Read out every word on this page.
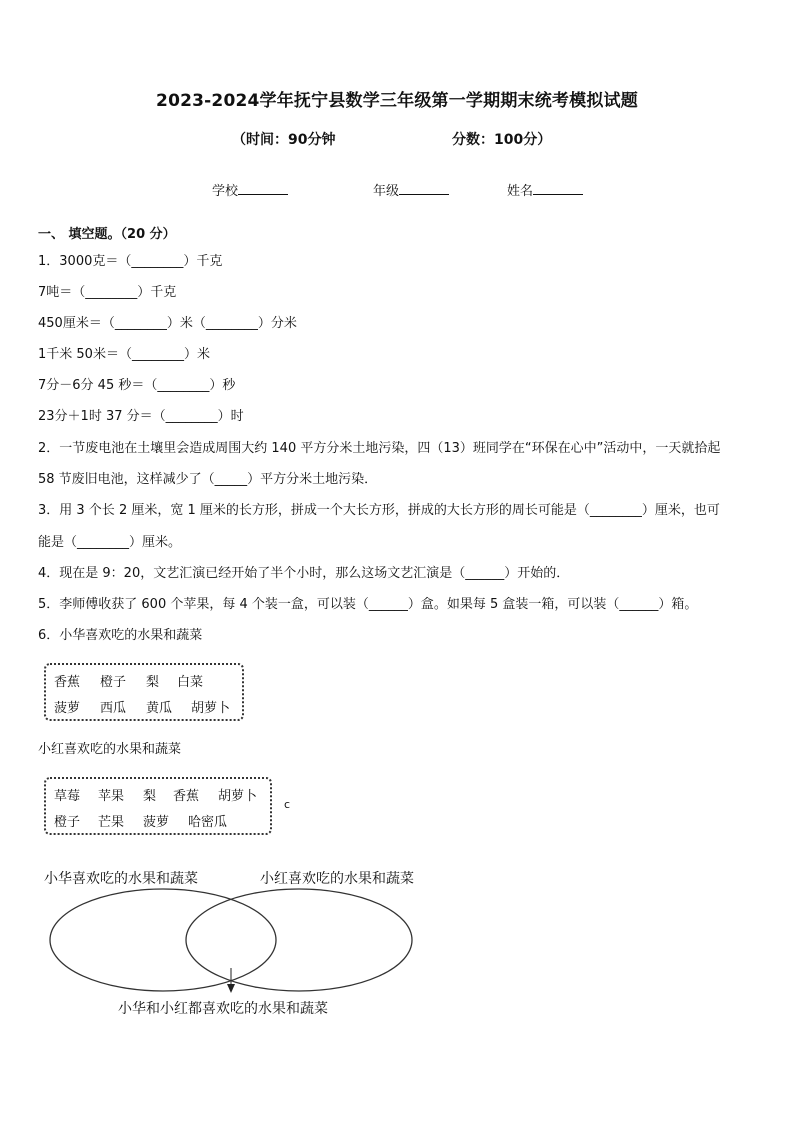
2023-2024学年抚宁县数学三年级第一学期期末统考模拟试题
（时间：90分钟	分数：100分）
学校	年级	姓名
一、 填空题。（20 分）
1．3000克＝（________）千克
7吨＝（________）千克
450厘米＝（________）米（________）分米
1千米 50米＝（________）米
7分－6分 45 秒＝（________）秒
23分＋1时 37 分＝（________）时
2．一节废电池在土壤里会造成周围大约 140 平方分米土地污染，四（13）班同学在“环保在心中”活动中，一天就拾起
58 节废旧电池，这样减少了（_____）平方分米土地污染．
3．用 3 个长 2 厘米，宽 1 厘米的长方形，拼成一个大长方形，拼成的大长方形的周长可能是（________）厘米，也可
能是（________）厘米。
4．现在是 9：20，文艺汇演已经开始了半个小时，那么这场文艺汇演是（______）开始的．
5．李师傅收获了 600 个苹果，每 4 个装一盒，可以装（______）盒。如果每 5 盒装一箱，可以装（______）箱。
6．小华喜欢吃的水果和蔬菜
香蕉 橙子 梨 白菜
菠萝 西瓜 黄瓜 胡萝卜
小红喜欢吃的水果和蔬菜
草莓 苹果 梨 香蕉 胡萝卜
橙子 芒果 菠萝 哈密瓜
c
小华喜欢吃的水果和蔬菜	小红喜欢吃的水果和蔬菜
小华和小红都喜欢吃的水果和蔬菜
